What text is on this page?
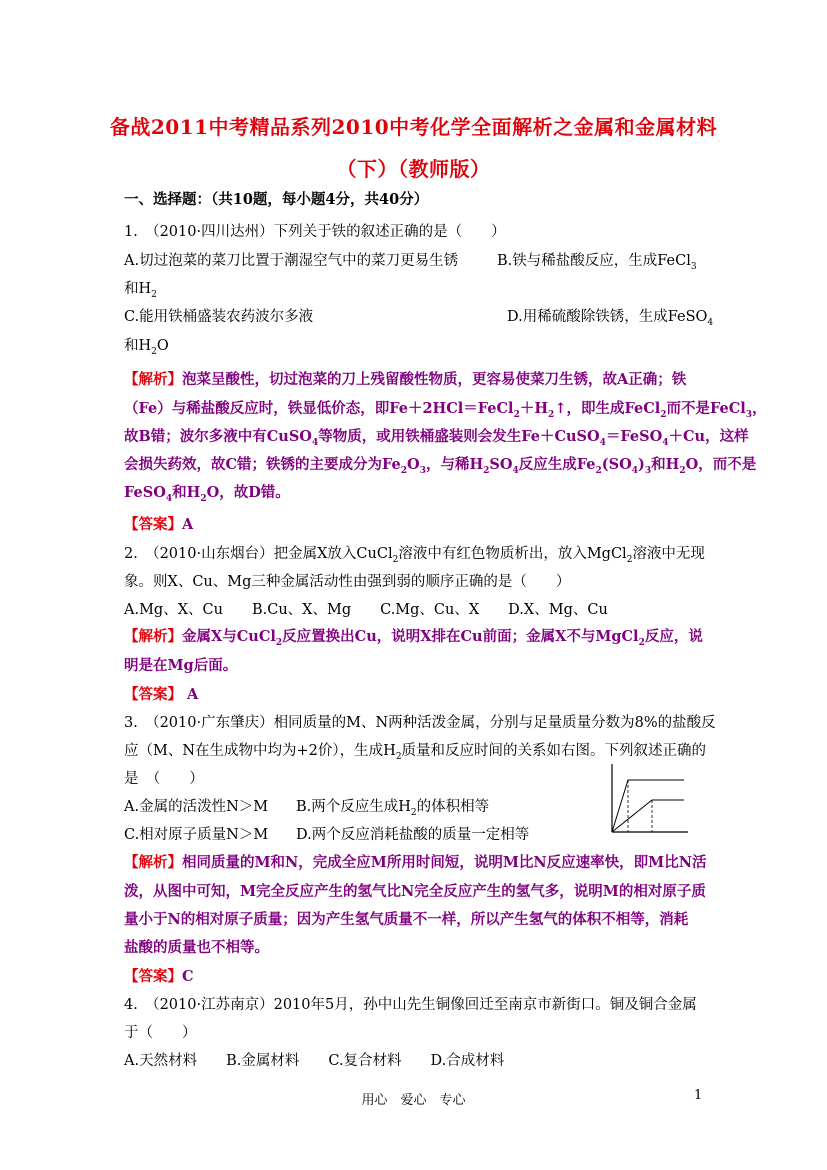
备战2011中考精品系列2010中考化学全面解析之金属和金属材料
（下）（教师版）
一、选择题：（共10题，每小题4分，共40分）
1.　（2010·四川达州）下列关于铁的叙述正确的是（　　）
A.切过泡菜的菜刀比置于潮湿空气中的菜刀更易生锈	B.铁与稀盐酸反应，生成FeCl$_3$
和$H_2$
C.能用铁桶盛装农药波尔多液	D.用稀硫酸除铁锈，生成FeSO$_4$
和$H_2O$
【解析】泡菜呈酸性，切过泡菜的刀上残留酸性物质，更容易使菜刀生锈，故A正确；铁
（Fe）与稀盐酸反应时，铁显低价态，即$Fe+2HCl=FeCl_2+H_2↑$，即生成FeCl$_2$而不是FeCl$_3$，
故B错；波尔多液中有CuSO$_4$等物质，或用铁桶盛装则会发生Fe＋CuSO$_4$＝FeSO$_4$＋Cu，这样
会损失药效，故C错；铁锈的主要成分为$Fe_2O_3$，与稀$H_2SO_4$反应生成$Fe_2(SO_4)_3$和$H_2O$，而不是
FeSO$_4$和$H_2O$，故D错。
【答案】A
2.　（2010·山东烟台）把金属X放入CuCl$_2$溶液中有红色物质析出，放入MgCl$_2$溶液中无现
象。则X、Cu、Mg三种金属活动性由强到弱的顺序正确的是（　　）
A.Mg、X、Cu　　B.Cu、X、Mg　　C.Mg、Cu、X　　D.X、Mg、Cu
【解析】金属X与CuCl$_2$反应置换出Cu，说明X排在Cu前面；金属X不与MgCl$_2$反应，说
明是在Mg后面。
【答案】 A
3.　（2010·广东肇庆）相同质量的M、N两种活泼金属，分别与足量质量分数为8%的盐酸反
应（M、N在生成物中均为+2价），生成$H_2$质量和反应时间的关系如右图。下列叙述正确的
是　（　　）
A.金属的活泼性N＞M B.两个反应生成$H_2$的体积相等
C.相对原子质量N＞M D.两个反应消耗盐酸的质量一定相等
【解析】相同质量的M和N，完成全应M所用时间短，说明M比N反应速率快，即M比N活
泼，从图中可知，M完全反应产生的氢气比N完全反应产生的氢气多，说明M的相对原子质
量小于N的相对原子质量；因为产生氢气质量不一样，所以产生氢气的体积不相等，消耗
盐酸的质量也不相等。
【答案】C
4.　（2010·江苏南京）2010年5月，孙中山先生铜像回迁至南京市新街口。铜及铜合金属
于（　　）
A.天然材料　　B.金属材料　　C.复合材料　　D.合成材料
用心　爱心　专心	1
